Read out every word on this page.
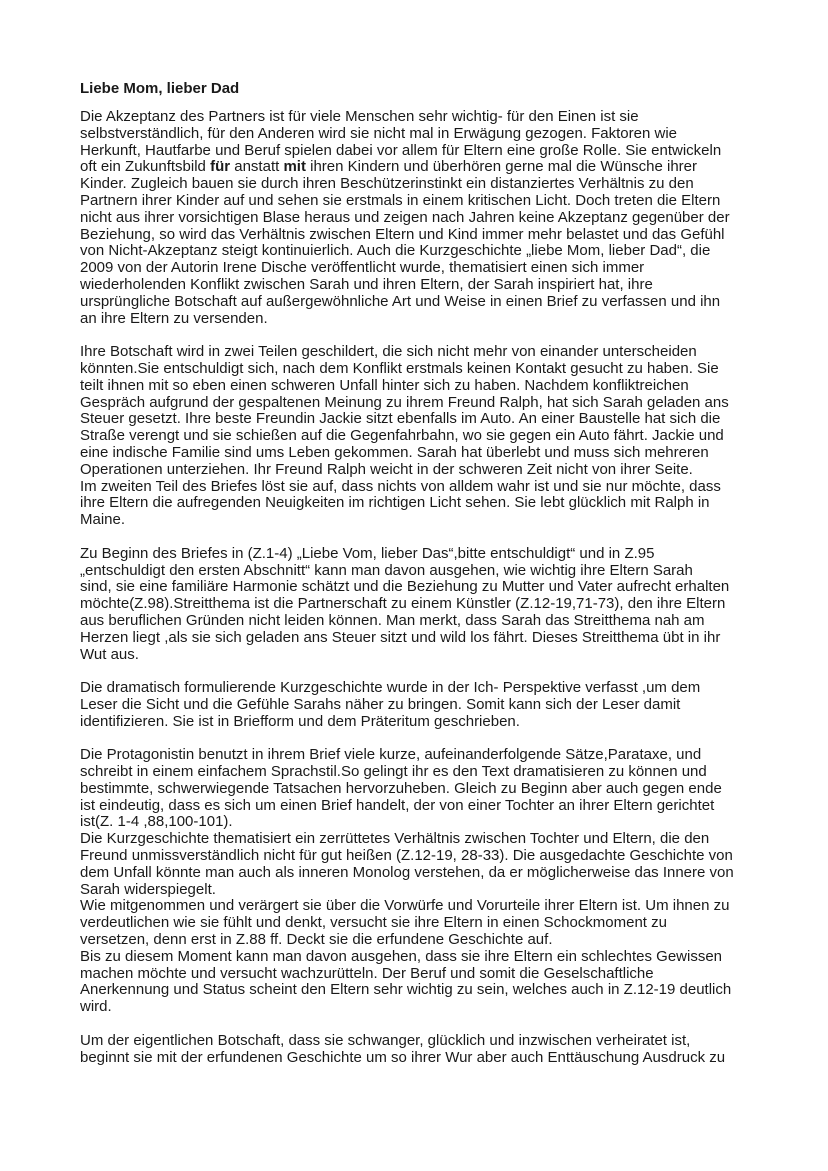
Liebe Mom, lieber Dad
Die Akzeptanz des Partners ist für viele Menschen sehr wichtig- für den Einen ist sie
selbstverständlich, für den Anderen wird sie nicht mal in Erwägung gezogen. Faktoren wie
Herkunft, Hautfarbe und Beruf spielen dabei vor allem für Eltern eine große Rolle. Sie entwickeln
oft ein Zukunftsbild für anstatt mit ihren Kindern und überhören gerne mal die Wünsche ihrer
Kinder. Zugleich bauen sie durch ihren Beschützerinstinkt ein distanziertes Verhältnis zu den
Partnern ihrer Kinder auf und sehen sie erstmals in einem kritischen Licht. Doch treten die Eltern
nicht aus ihrer vorsichtigen Blase heraus und zeigen nach Jahren keine Akzeptanz gegenüber der
Beziehung, so wird das Verhältnis zwischen Eltern und Kind immer mehr belastet und das Gefühl
von Nicht-Akzeptanz steigt kontinuierlich. Auch die Kurzgeschichte „liebe Mom, lieber Dad“, die
2009 von der Autorin Irene Dische veröffentlicht wurde, thematisiert einen sich immer
wiederholenden Konflikt zwischen Sarah und ihren Eltern, der Sarah inspiriert hat, ihre
ursprüngliche Botschaft auf außergewöhnliche Art und Weise in einen Brief zu verfassen und ihn
an ihre Eltern zu versenden.
Ihre Botschaft wird in zwei Teilen geschildert, die sich nicht mehr von einander unterscheiden
könnten.Sie entschuldigt sich, nach dem Konflikt erstmals keinen Kontakt gesucht zu haben. Sie
teilt ihnen mit so eben einen schweren Unfall hinter sich zu haben. Nachdem konfliktreichen
Gespräch aufgrund der gespaltenen Meinung zu ihrem Freund Ralph, hat sich Sarah geladen ans
Steuer gesetzt. Ihre beste Freundin Jackie sitzt ebenfalls im Auto. An einer Baustelle hat sich die
Straße verengt und sie schießen auf die Gegenfahrbahn, wo sie gegen ein Auto fährt. Jackie und
eine indische Familie sind ums Leben gekommen. Sarah hat überlebt und muss sich mehreren
Operationen unterziehen. Ihr Freund Ralph weicht in der schweren Zeit nicht von ihrer Seite.
Im zweiten Teil des Briefes löst sie auf, dass nichts von alldem wahr ist und sie nur möchte, dass
ihre Eltern die aufregenden Neuigkeiten im richtigen Licht sehen. Sie lebt glücklich mit Ralph in
Maine.
Zu Beginn des Briefes in (Z.1-4) „Liebe Vom, lieber Das“,bitte entschuldigt“ und in Z.95
„entschuldigt den ersten Abschnitt“ kann man davon ausgehen, wie wichtig ihre Eltern Sarah
sind, sie eine familiäre Harmonie schätzt und die Beziehung zu Mutter und Vater aufrecht erhalten
möchte(Z.98).Streitthema ist die Partnerschaft zu einem Künstler (Z.12-19,71-73), den ihre Eltern
aus beruflichen Gründen nicht leiden können. Man merkt, dass Sarah das Streitthema nah am
Herzen liegt ,als sie sich geladen ans Steuer sitzt und wild los fährt. Dieses Streitthema übt in ihr
Wut aus.
Die dramatisch formulierende Kurzgeschichte wurde in der Ich- Perspektive verfasst ,um dem
Leser die Sicht und die Gefühle Sarahs näher zu bringen. Somit kann sich der Leser damit
identifizieren. Sie ist in Briefform und dem Präteritum geschrieben.
Die Protagonistin benutzt in ihrem Brief viele kurze, aufeinanderfolgende Sätze,Parataxe, und
schreibt in einem einfachem Sprachstil.So gelingt ihr es den Text dramatisieren zu können und
bestimmte, schwerwiegende Tatsachen hervorzuheben. Gleich zu Beginn aber auch gegen ende
ist eindeutig, dass es sich um einen Brief handelt, der von einer Tochter an ihrer Eltern gerichtet
ist(Z. 1-4 ,88,100-101).
Die Kurzgeschichte thematisiert ein zerrüttetes Verhältnis zwischen Tochter und Eltern, die den
Freund unmissverständlich nicht für gut heißen (Z.12-19, 28-33). Die ausgedachte Geschichte von
dem Unfall könnte man auch als inneren Monolog verstehen, da er möglicherweise das Innere von
Sarah widerspiegelt.
Wie mitgenommen und verärgert sie über die Vorwürfe und Vorurteile ihrer Eltern ist. Um ihnen zu
verdeutlichen wie sie fühlt und denkt, versucht sie ihre Eltern in einen Schockmoment zu
versetzen, denn erst in Z.88 ff. Deckt sie die erfundene Geschichte auf.
Bis zu diesem Moment kann man davon ausgehen, dass sie ihre Eltern ein schlechtes Gewissen
machen möchte und versucht wachzurütteln. Der Beruf und somit die Geselschaftliche
Anerkennung und Status scheint den Eltern sehr wichtig zu sein, welches auch in Z.12-19 deutlich
wird.
Um der eigentlichen Botschaft, dass sie schwanger, glücklich und inzwischen verheiratet ist,
beginnt sie mit der erfundenen Geschichte um so ihrer Wur aber auch Enttäuschung Ausdruck zu
